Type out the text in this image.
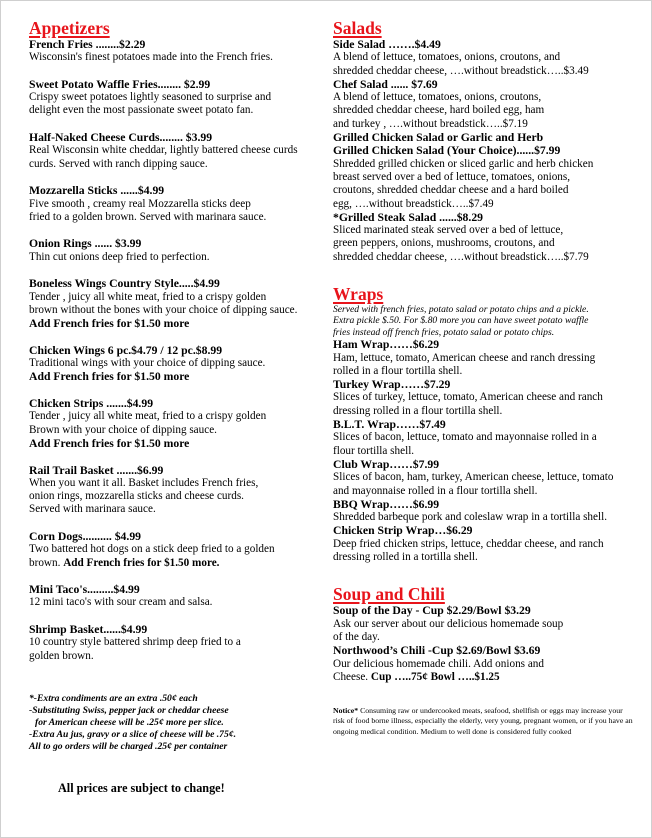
Appetizers
French Fries ........$2.29
Wisconsin's finest potatoes made into the French fries.
Sweet Potato Waffle Fries........ $2.99
Crispy sweet potatoes lightly seasoned to surprise and
delight even the most passionate sweet potato fan.
Half-Naked Cheese Curds........ $3.99
Real Wisconsin white cheddar, lightly battered cheese curds
curds. Served with ranch dipping sauce.
Mozzarella Sticks ......$4.99
Five smooth , creamy real Mozzarella sticks deep
fried to a golden brown. Served with marinara sauce.
Onion Rings ...... $3.99
Thin cut onions deep fried to perfection.
Boneless Wings Country Style.....$4.99
Tender , juicy all white meat, fried to a crispy golden
brown without the bones with your choice of dipping sauce.
Add French fries for $1.50 more
Chicken Wings 6 pc.$4.79 / 12 pc.$8.99
Traditional wings with your choice of dipping sauce.
Add French fries for $1.50 more
Chicken Strips .......$4.99
Tender , juicy all white meat, fried to a crispy golden
Brown with your choice of dipping sauce.
Add French fries for $1.50 more
Rail Trail Basket .......$6.99
When you want it all. Basket includes French fries,
onion rings, mozzarella sticks and cheese curds.
Served with marinara sauce.
Corn Dogs.......... $4.99
Two battered hot dogs on a stick deep fried to a golden
brown. Add French fries for $1.50 more.
Mini Taco's.........$4.99
12 mini taco's with sour cream and salsa.
Shrimp Basket......$4.99
10 country style battered shrimp deep fried to a
golden brown.
*-Extra condiments are an extra .50¢ each
-Substituting Swiss, pepper jack or cheddar cheese
for American cheese will be .25¢ more per slice.
-Extra Au jus, gravy or a slice of cheese will be .75¢.
All to go orders will be charged .25¢ per container
All prices are subject to change!
Salads
Side Salad …….$4.49
A blend of lettuce, tomatoes, onions, croutons, and
shredded cheddar cheese, ….without breadstick…..$3.49
Chef Salad ...... $7.69
A blend of lettuce, tomatoes, onions, croutons,
shredded cheddar cheese, hard boiled egg, ham
and turkey , ….without breadstick…..$7.19
Grilled Chicken Salad or Garlic and Herb
Grilled Chicken Salad (Your Choice)......$7.99
Shredded grilled chicken or sliced garlic and herb chicken
breast served over a bed of lettuce, tomatoes, onions,
croutons, shredded cheddar cheese and a hard boiled
egg, ….without breadstick…..$7.49
*Grilled Steak Salad ......$8.29
Sliced marinated steak served over a bed of lettuce,
green peppers, onions, mushrooms, croutons, and
shredded cheddar cheese, ….without breadstick…..$7.79
Wraps
Served with french fries, potato salad or potato chips and a pickle.
Extra pickle $.50. For $.80 more you can have sweet potato waffle
fries instead off french fries, potato salad or potato chips.
Ham Wrap……$6.29
Ham, lettuce, tomato, American cheese and ranch dressing
rolled in a flour tortilla shell.
Turkey Wrap……$7.29
Slices of turkey, lettuce, tomato, American cheese and ranch
dressing rolled in a flour tortilla shell.
B.L.T. Wrap……$7.49
Slices of bacon, lettuce, tomato and mayonnaise rolled in a
flour tortilla shell.
Club Wrap……$7.99
Slices of bacon, ham, turkey, American cheese, lettuce, tomato
and mayonnaise rolled in a flour tortilla shell.
BBQ Wrap……$6.99
Shredded barbeque pork and coleslaw wrap in a tortilla shell.
Chicken Strip Wrap…$6.29
Deep fried chicken strips, lettuce, cheddar cheese, and ranch
dressing rolled in a tortilla shell.
Soup and Chili
Soup of the Day - Cup $2.29/Bowl $3.29
Ask our server about our delicious homemade soup
of the day.
Northwood’s Chili -Cup $2.69/Bowl $3.69
Our delicious homemade chili. Add onions and
Cheese. Cup …..75¢ Bowl …..$1.25
Notice* Consuming raw or undercooked meats, seafood, shellfish or eggs may increase your risk of food borne illness, especially the elderly, very young, pregnant women, or if you have an ongoing medical condition. Medium to well done is considered fully cooked
